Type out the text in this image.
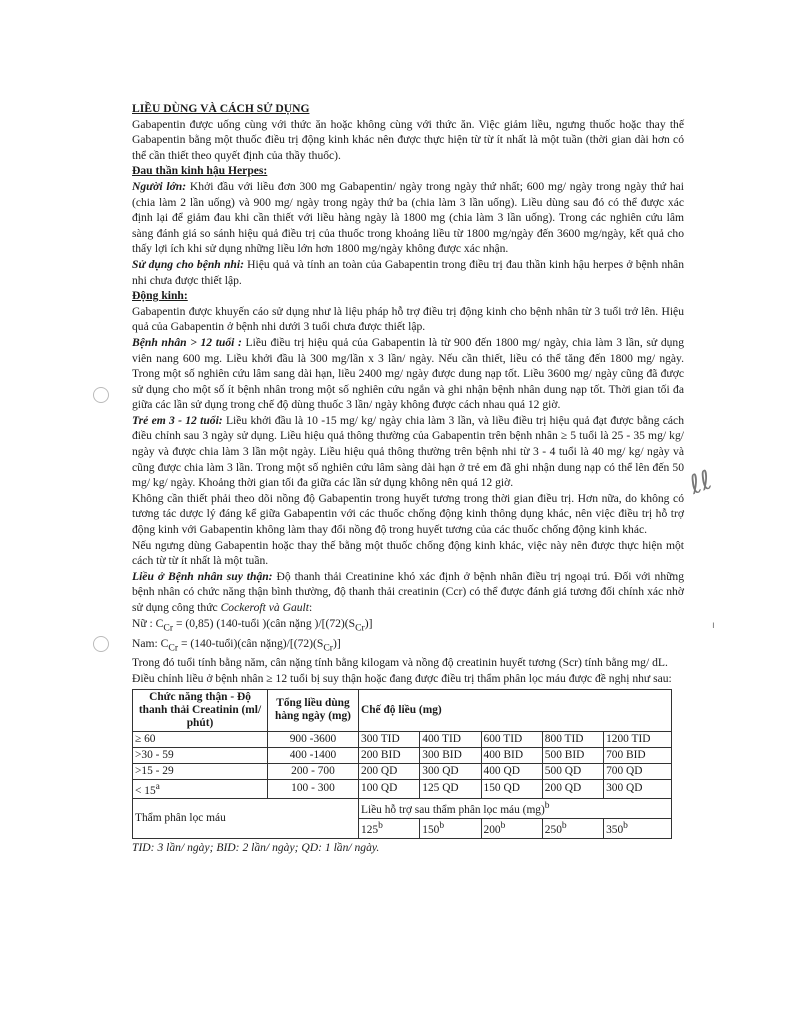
ℓℓ
ı
LIỀU DÙNG VÀ CÁCH SỬ DỤNG

Gabapentin được uống cùng với thức ăn hoặc không cùng với thức ăn. Việc giảm liều, ngưng thuốc hoặc thay thế Gabapentin bằng một thuốc điều trị động kinh khác nên được thực hiện từ từ ít nhất là một tuần (thời gian dài hơn có thể cần thiết theo quyết định của thầy thuốc).

Đau thần kinh hậu Herpes:

Người lớn: Khởi đầu với liều đơn 300 mg Gabapentin/ ngày trong ngày thứ nhất; 600 mg/ ngày trong ngày thứ hai (chia làm 2 lần uống) và 900 mg/ ngày trong ngày thứ ba (chia làm 3 lần uống). Liều dùng sau đó có thể được xác định lại để giảm đau khi cần thiết với liều hàng ngày là 1800 mg (chia làm 3 lần uống). Trong các nghiên cứu lâm sàng đánh giá so sánh hiệu quả điều trị của thuốc trong khoảng liều từ 1800 mg/ngày đến 3600 mg/ngày, kết quả cho thấy lợi ích khi sử dụng những liều lớn hơn 1800 mg/ngày không được xác nhận.

Sử dụng cho bệnh nhi: Hiệu quả và tính an toàn của Gabapentin trong điều trị đau thần kinh hậu herpes ở bệnh nhân nhi chưa được thiết lập.

Động kinh:

Gabapentin được khuyến cáo sử dụng như là liệu pháp hỗ trợ điều trị động kinh cho bệnh nhân từ 3 tuổi trở lên. Hiệu quả của Gabapentin ở bệnh nhi dưới 3 tuổi chưa được thiết lập.

Bệnh nhân > 12 tuổi : Liều điều trị hiệu quả của Gabapentin là từ 900 đến 1800 mg/ ngày, chia làm 3 lần, sử dụng viên nang 600 mg. Liều khởi đầu là 300 mg/lần x 3 lần/ ngày. Nếu cần thiết, liều có thể tăng đến 1800 mg/ ngày. Trong một số nghiên cứu lâm sang dài hạn, liều 2400 mg/ ngày được dung nạp tốt. Liều 3600 mg/ ngày cũng đã được sử dụng cho một số ít bệnh nhân trong một số nghiên cứu ngắn và ghi nhận bệnh nhân dung nạp tốt. Thời gian tối đa giữa các lần sử dụng trong chế độ dùng thuốc 3 lần/ ngày không được cách nhau quá 12 giờ.

Trẻ em 3 - 12 tuổi: Liều khởi đầu là 10 -15 mg/ kg/ ngày chia làm 3 lần, và liều điều trị hiệu quả đạt được bằng cách điều chỉnh sau 3 ngày sử dụng. Liều hiệu quả thông thường của Gabapentin trên bệnh nhân ≥ 5 tuổi là 25 - 35 mg/ kg/ ngày và được chia làm 3 lần một ngày. Liều hiệu quả thông thường trên bệnh nhi từ 3 - 4 tuổi là 40 mg/ kg/ ngày và cũng được chia làm 3 lần. Trong một số nghiên cứu lâm sàng dài hạn ở trẻ em đã ghi nhận dung nạp có thể lên đến 50 mg/ kg/ ngày. Khoảng thời gian tối đa giữa các lần sử dụng không nên quá 12 giờ.

Không cần thiết phải theo dõi nồng độ Gabapentin trong huyết tương trong thời gian điều trị. Hơn nữa, do không có tương tác dược lý đáng kể giữa Gabapentin với các thuốc chống động kinh thông dụng khác, nên việc điều trị hỗ trợ động kinh với Gabapentin không làm thay đổi nồng độ trong huyết tương của các thuốc chống động kinh khác.

Nếu ngưng dùng Gabapentin hoặc thay thế bằng một thuốc chống động kinh khác, việc này nên được thực hiện một cách từ từ ít nhất là một tuần.

Liều ở Bệnh nhân suy thận: Độ thanh thải Creatinine khó xác định ở bệnh nhân điều trị ngoại trú. Đối với những bệnh nhân có chức năng thận bình thường, độ thanh thải creatinin (Ccr) có thể được đánh giá tương đối chính xác nhờ sử dụng công thức Cockeroft và Gault:

Nữ : $C_{Cr} = (0,85)$ (140-tuổi )(cân nặng )$/[(72)(S_{Cr})]$

Nam: $C_{Cr}$ = (140-tuổi)(cân $nặng)/[(72)(S_{Cr})]$

Trong đó tuổi tính bằng năm, cân nặng tính bằng kilogam và nồng độ creatinin huyết tương (Scr) tính bằng mg/ dL.

Điều chỉnh liều ở bệnh nhân ≥ 12 tuổi bị suy thận hoặc đang được điều trị thẩm phân lọc máu được đề nghị như sau:

Chức năng thận - Độ thanh thải Creatinin (ml/ phút)	Tổng liều dùng hàng ngày (mg)	Chế độ liều (mg)				
≥ 60	900 -3600	300 TID	400 TID	600 TID	800 TID	1200 TID
>30 - 59	400 -1400	200 BID	300 BID	400 BID	500 BID	700 BID
>15 - 29	200 - 700	200 QD	300 QD	400 QD	500 QD	700 QD
< $15^a$	100 - 300	100 QD	125 QD	150 QD	200 QD	300 QD
Thẩm phân lọc máu		Liều hỗ trợ sau thẩm phân lọc máu (mg)$^b$
		125$^b$	150$^b$	200$^b$	250$^b$	350$^b$
TID: 3 lần/ ngày; BID: 2 lần/ ngày; QD: 1 lần/ ngày.
